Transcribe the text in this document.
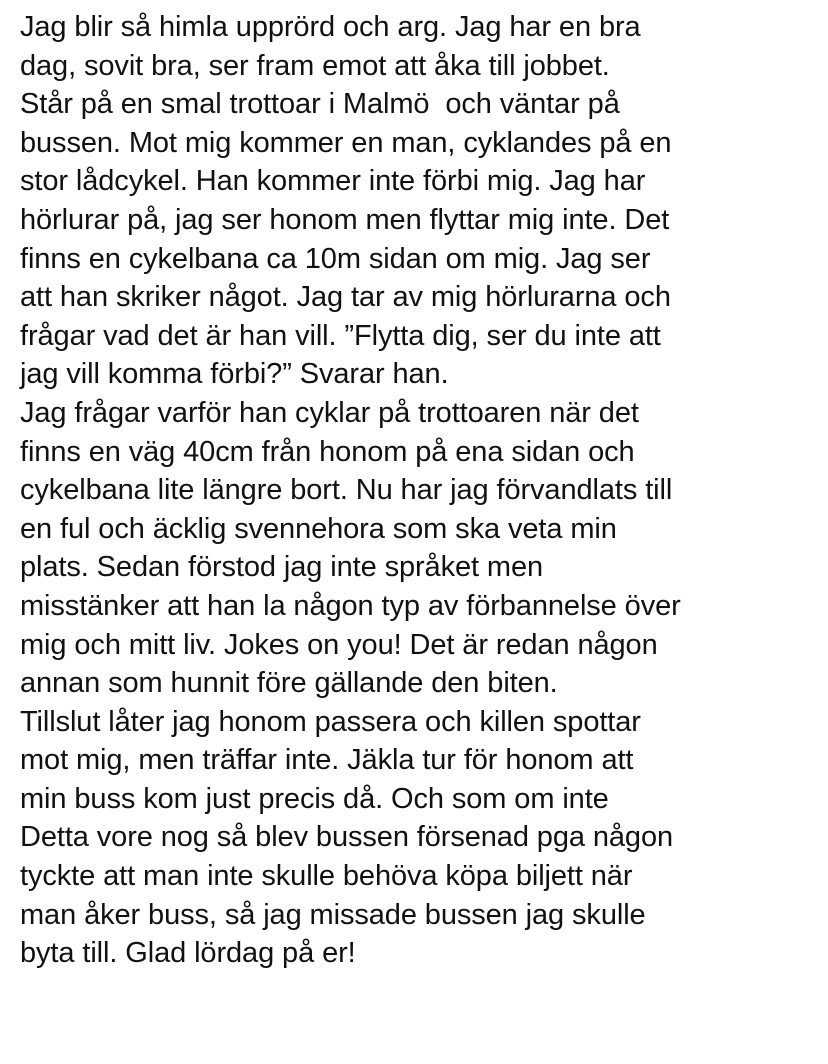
Jag blir så himla upprörd och arg. Jag har en bra
dag, sovit bra, ser fram emot att åka till jobbet.
Står på en smal trottoar i Malmö  och väntar på
bussen. Mot mig kommer en man, cyklandes på en
stor lådcykel. Han kommer inte förbi mig. Jag har
hörlurar på, jag ser honom men flyttar mig inte. Det
finns en cykelbana ca 10m sidan om mig. Jag ser
att han skriker något. Jag tar av mig hörlurarna och
frågar vad det är han vill. ”Flytta dig, ser du inte att
jag vill komma förbi?” Svarar han.
Jag frågar varför han cyklar på trottoaren när det
finns en väg 40cm från honom på ena sidan och
cykelbana lite längre bort. Nu har jag förvandlats till
en ful och äcklig svennehora som ska veta min
plats. Sedan förstod jag inte språket men
misstänker att han la någon typ av förbannelse över
mig och mitt liv. Jokes on you! Det är redan någon
annan som hunnit före gällande den biten.
Tillslut låter jag honom passera och killen spottar
mot mig, men träffar inte. Jäkla tur för honom att
min buss kom just precis då. Och som om inte
Detta vore nog så blev bussen försenad pga någon
tyckte att man inte skulle behöva köpa biljett när
man åker buss, så jag missade bussen jag skulle
byta till. Glad lördag på er!
